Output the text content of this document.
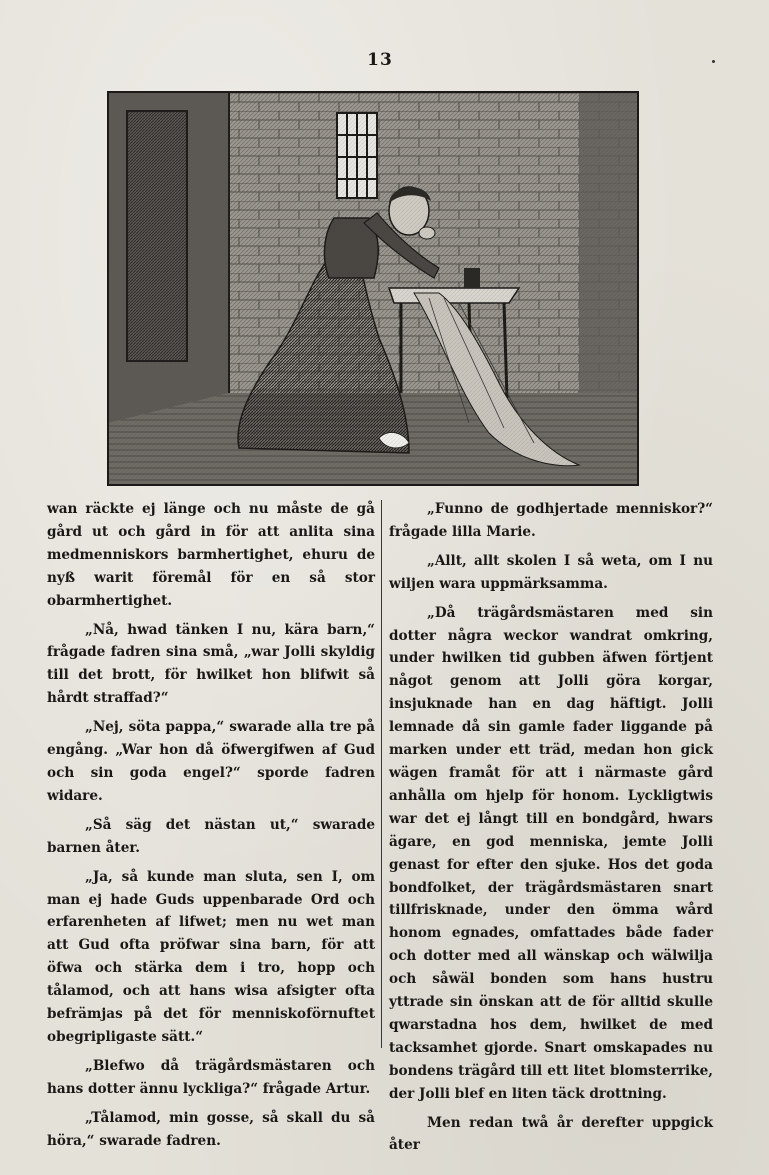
13

wan räckte ej länge och nu måste de gå gård ut och gård in för att anlita sina medmenniskors barmhertighet, ehuru de nyß warit föremål för en så stor obarmhertighet.

„Nå, hwad tänken I nu, kära barn,“ frågade fadren sina små, „war Jolli skyldig till det brott, för hwilket hon blifwit så hårdt straffad?“

„Nej, söta pappa,“ swarade alla tre på engång. „War hon då öfwergifwen af Gud och sin goda engel?“ sporde fadren widare.

„Så säg det nästan ut,“ swarade barnen åter.

„Ja, så kunde man sluta, sen I, om man ej hade Guds uppenbarade Ord och erfarenheten af lifwet; men nu wet man att Gud ofta pröfwar sina barn, för att öfwa och stärka dem i tro, hopp och tålamod, och att hans wisa afsigter ofta befrämjas på det för menniskoförnuftet obegripligaste sätt.“

„Blefwo då trägårdsmästaren och hans dotter ännu lyckliga?“ frågade Artur.

„Tålamod, min gosse, så skall du så höra,“ swarade fadren.

„Funno de godhjertade menniskor?“ frågade lilla Marie.

„Allt, allt skolen I så weta, om I nu wiljen wara uppmärksamma.

„Då trägårdsmästaren med sin dotter några weckor wandrat omkring, under hwilken tid gubben äfwen förtjent något genom att Jolli göra korgar, insjuknade han en dag häftigt. Jolli lemnade då sin gamle fader liggande på marken under ett träd, medan hon gick wägen framåt för att i närmaste gård anhålla om hjelp för honom. Lyckligtwis war det ej långt till en bondgård, hwars ägare, en god menniska, jemte Jolli genast for efter den sjuke. Hos det goda bondfolket, der trägårdsmästaren snart tillfrisknade, under den ömma wård honom egnades, omfattades både fader och dotter med all wänskap och wälwilja och såwäl bonden som hans hustru yttrade sin önskan att de för alltid skulle qwarstadna hos dem, hwilket de med tacksamhet gjorde. Snart omskapades nu bondens trägård till ett litet blomsterrike, der Jolli blef en liten täck drottning.

Men redan twå år derefter uppgick åter
